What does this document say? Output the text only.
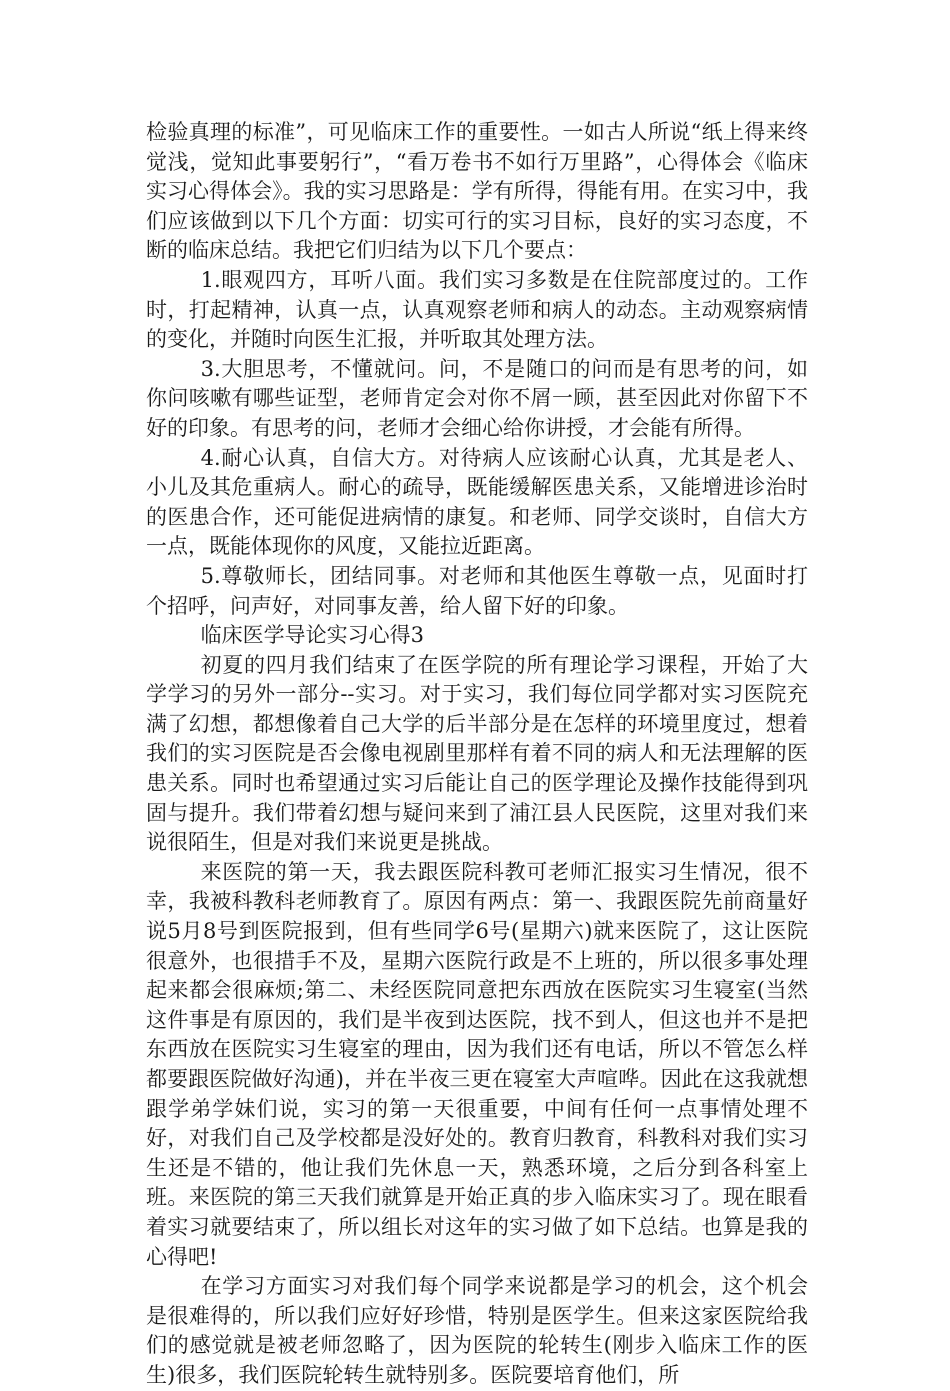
检验真理的标准”，可见临床工作的重要性。一如古人所说“纸上得来终觉浅，觉知此事要躬行”，“看万卷书不如行万里路”，心得体会《临床实习心得体会》。我的实习思路是：学有所得，得能有用。在实习中，我们应该做到以下几个方面：切实可行的实习目标，良好的实习态度，不断的临床总结。我把它们归结为以下几个要点：

1.眼观四方，耳听八面。我们实习多数是在住院部度过的。工作时，打起精神，认真一点，认真观察老师和病人的动态。主动观察病情的变化，并随时向医生汇报，并听取其处理方法。

3.大胆思考，不懂就问。问，不是随口的问而是有思考的问，如你问咳嗽有哪些证型，老师肯定会对你不屑一顾，甚至因此对你留下不好的印象。有思考的问，老师才会细心给你讲授，才会能有所得。

4.耐心认真，自信大方。对待病人应该耐心认真，尤其是老人、小儿及其危重病人。耐心的疏导，既能缓解医患关系，又能增进诊治时的医患合作，还可能促进病情的康复。和老师、同学交谈时，自信大方一点，既能体现你的风度，又能拉近距离。

5.尊敬师长，团结同事。对老师和其他医生尊敬一点，见面时打个招呼，问声好，对同事友善，给人留下好的印象。

临床医学导论实习心得3

初夏的四月我们结束了在医学院的所有理论学习课程，开始了大学学习的另外一部分--实习。对于实习，我们每位同学都对实习医院充满了幻想，都想像着自己大学的后半部分是在怎样的环境里度过，想着我们的实习医院是否会像电视剧里那样有着不同的病人和无法理解的医患关系。同时也希望通过实习后能让自己的医学理论及操作技能得到巩固与提升。我们带着幻想与疑问来到了浦江县人民医院，这里对我们来说很陌生，但是对我们来说更是挑战。

来医院的第一天，我去跟医院科教可老师汇报实习生情况，很不幸，我被科教科老师教育了。原因有两点：第一、我跟医院先前商量好说5月8号到医院报到，但有些同学6号(星期六)就来医院了，这让医院很意外，也很措手不及，星期六医院行政是不上班的，所以很多事处理起来都会很麻烦;第二、未经医院同意把东西放在医院实习生寝室(当然这件事是有原因的，我们是半夜到达医院，找不到人，但这也并不是把东西放在医院实习生寝室的理由，因为我们还有电话，所以不管怎么样都要跟医院做好沟通)，并在半夜三更在寝室大声喧哗。因此在这我就想跟学弟学妹们说，实习的第一天很重要，中间有任何一点事情处理不好，对我们自己及学校都是没好处的。教育归教育，科教科对我们实习生还是不错的，他让我们先休息一天，熟悉环境，之后分到各科室上班。来医院的第三天我们就算是开始正真的步入临床实习了。现在眼看着实习就要结束了，所以组长对这年的实习做了如下总结。也算是我的心得吧!

在学习方面实习对我们每个同学来说都是学习的机会，这个机会是很难得的，所以我们应好好珍惜，特别是医学生。但来这家医院给我们的感觉就是被老师忽略了，因为医院的轮转生(刚步入临床工作的医生)很多，我们医院轮转生就特别多。医院要培育他们，所
